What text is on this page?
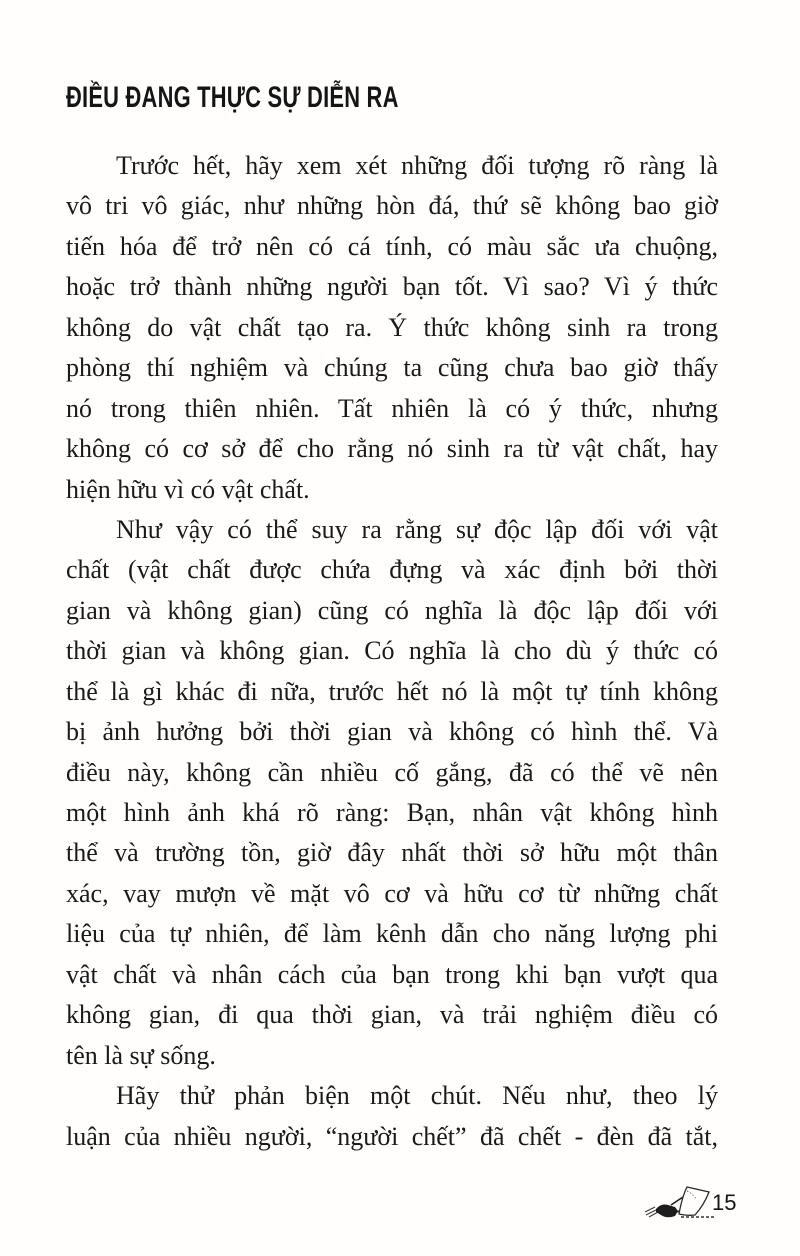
ĐIỀU ĐANG THỰC SỰ DIỄN RA
Trước hết, hãy xem xét những đối tượng rõ ràng là
vô tri vô giác, như những hòn đá, thứ sẽ không bao giờ
tiến hóa để trở nên có cá tính, có màu sắc ưa chuộng,
hoặc trở thành những người bạn tốt. Vì sao? Vì ý thức
không do vật chất tạo ra. Ý thức không sinh ra trong
phòng thí nghiệm và chúng ta cũng chưa bao giờ thấy
nó trong thiên nhiên. Tất nhiên là có ý thức, nhưng
không có cơ sở để cho rằng nó sinh ra từ vật chất, hay
hiện hữu vì có vật chất.
Như vậy có thể suy ra rằng sự độc lập đối với vật
chất (vật chất được chứa đựng và xác định bởi thời
gian và không gian) cũng có nghĩa là độc lập đối với
thời gian và không gian. Có nghĩa là cho dù ý thức có
thể là gì khác đi nữa, trước hết nó là một tự tính không
bị ảnh hưởng bởi thời gian và không có hình thể. Và
điều này, không cần nhiều cố gắng, đã có thể vẽ nên
một hình ảnh khá rõ ràng: Bạn, nhân vật không hình
thể và trường tồn, giờ đây nhất thời sở hữu một thân
xác, vay mượn về mặt vô cơ và hữu cơ từ những chất
liệu của tự nhiên, để làm kênh dẫn cho năng lượng phi
vật chất và nhân cách của bạn trong khi bạn vượt qua
không gian, đi qua thời gian, và trải nghiệm điều có
tên là sự sống.
Hãy thử phản biện một chút. Nếu như, theo lý
luận của nhiều người, “người chết” đã chết - đèn đã tắt,
15
